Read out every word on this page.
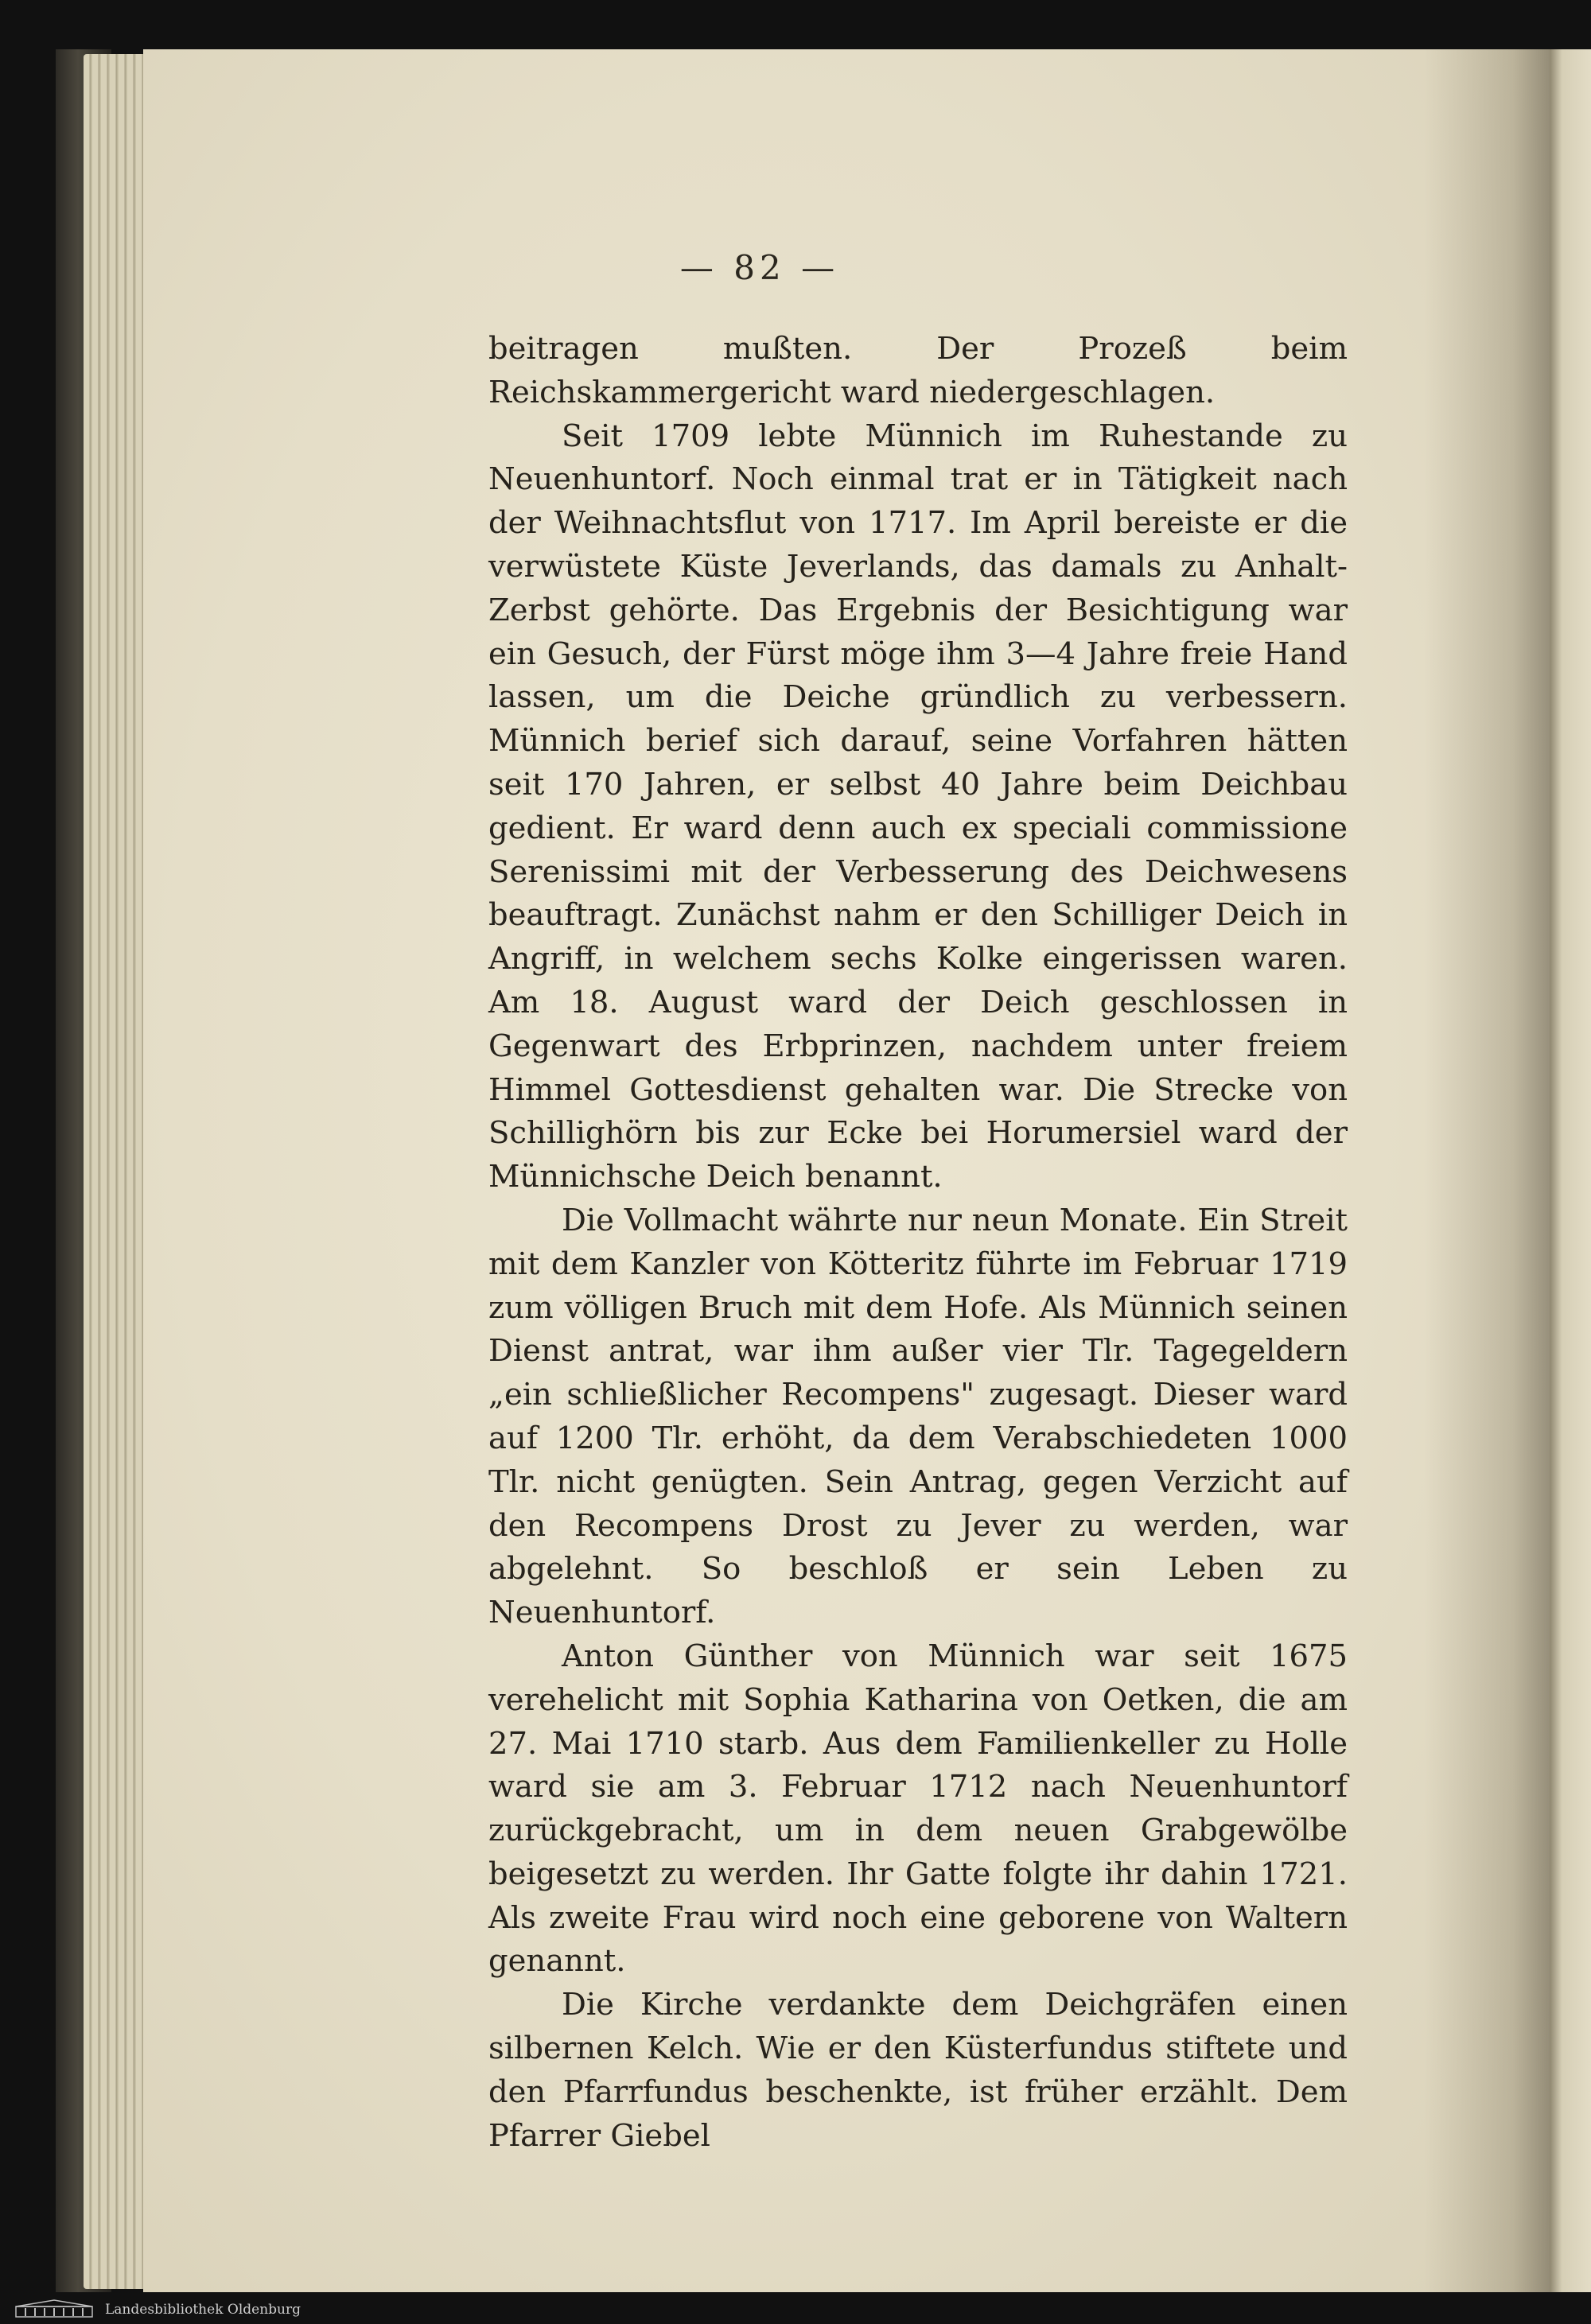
— 82 —

beitragen mußten. Der Prozeß beim Reichskammergericht ward niedergeschlagen.

Seit 1709 lebte Münnich im Ruhestande zu Neuenhuntorf. Noch einmal trat er in Tätigkeit nach der Weihnachtsflut von 1717. Im April bereiste er die verwüstete Küste Jeverlands, das damals zu Anhalt-Zerbst gehörte. Das Ergebnis der Besichtigung war ein Gesuch, der Fürst möge ihm 3—4 Jahre freie Hand lassen, um die Deiche gründlich zu verbessern. Münnich berief sich darauf, seine Vorfahren hätten seit 170 Jahren, er selbst 40 Jahre beim Deichbau gedient. Er ward denn auch ex speciali commissione Serenissimi mit der Verbesserung des Deichwesens beauftragt. Zunächst nahm er den Schilliger Deich in Angriff, in welchem sechs Kolke eingerissen waren. Am 18. August ward der Deich geschlossen in Gegenwart des Erbprinzen, nachdem unter freiem Himmel Gottesdienst gehalten war. Die Strecke von Schillighörn bis zur Ecke bei Horumersiel ward der Münnichsche Deich benannt.

Die Vollmacht währte nur neun Monate. Ein Streit mit dem Kanzler von Kötteritz führte im Februar 1719 zum völligen Bruch mit dem Hofe. Als Münnich seinen Dienst antrat, war ihm außer vier Tlr. Tagegeldern „ein schließlicher Recompens" zugesagt. Dieser ward auf 1200 Tlr. erhöht, da dem Verabschiedeten 1000 Tlr. nicht genügten. Sein Antrag, gegen Verzicht auf den Recompens Drost zu Jever zu werden, war abgelehnt. So beschloß er sein Leben zu Neuenhuntorf.

Anton Günther von Münnich war seit 1675 verehelicht mit Sophia Katharina von Oetken, die am 27. Mai 1710 starb. Aus dem Familienkeller zu Holle ward sie am 3. Februar 1712 nach Neuenhuntorf zurückgebracht, um in dem neuen Grabgewölbe beigesetzt zu werden. Ihr Gatte folgte ihr dahin 1721. Als zweite Frau wird noch eine geborene von Waltern genannt.

Die Kirche verdankte dem Deichgräfen einen silbernen Kelch. Wie er den Küsterfundus stiftete und den Pfarrfundus beschenkte, ist früher erzählt. Dem Pfarrer Giebel

Landesbibliothek Oldenburg
